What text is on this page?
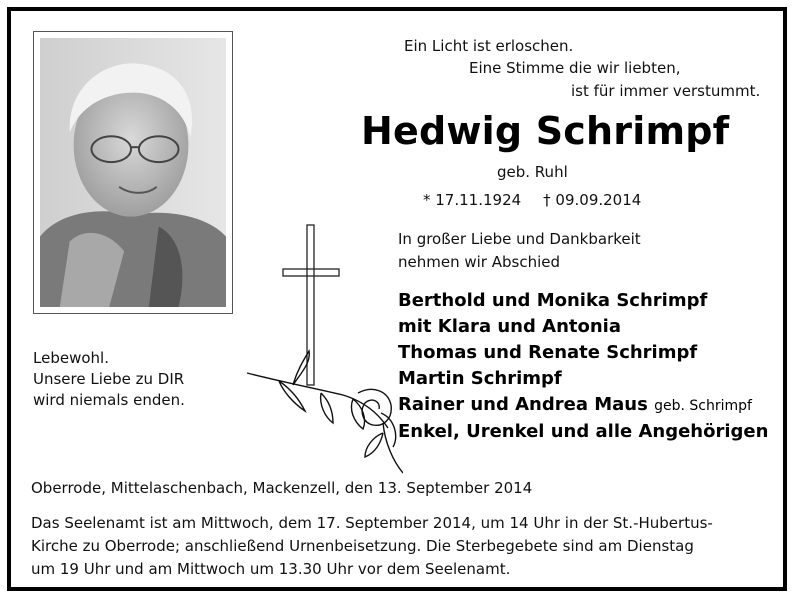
Ein Licht ist erloschen.
Eine Stimme die wir liebten,
ist für immer verstummt.
Hedwig Schrimpf
geb. Ruhl
* 17.11.1924 † 09.09.2014
In großer Liebe und Dankbarkeit
nehmen wir Abschied
Berthold und Monika Schrimpf
mit Klara und Antonia
Thomas und Renate Schrimpf
Martin Schrimpf
Rainer und Andrea Maus geb. Schrimpf
Enkel, Urenkel und alle Angehörigen
Lebewohl.
Unsere Liebe zu DIR
wird niemals enden.
Oberrode, Mittelaschenbach, Mackenzell, den 13. September 2014
Das Seelenamt ist am Mittwoch, dem 17. September 2014, um 14 Uhr in der St.-Hubertus-
Kirche zu Oberrode; anschließend Urnenbeisetzung. Die Sterbegebete sind am Dienstag
um 19 Uhr und am Mittwoch um 13.30 Uhr vor dem Seelenamt.
